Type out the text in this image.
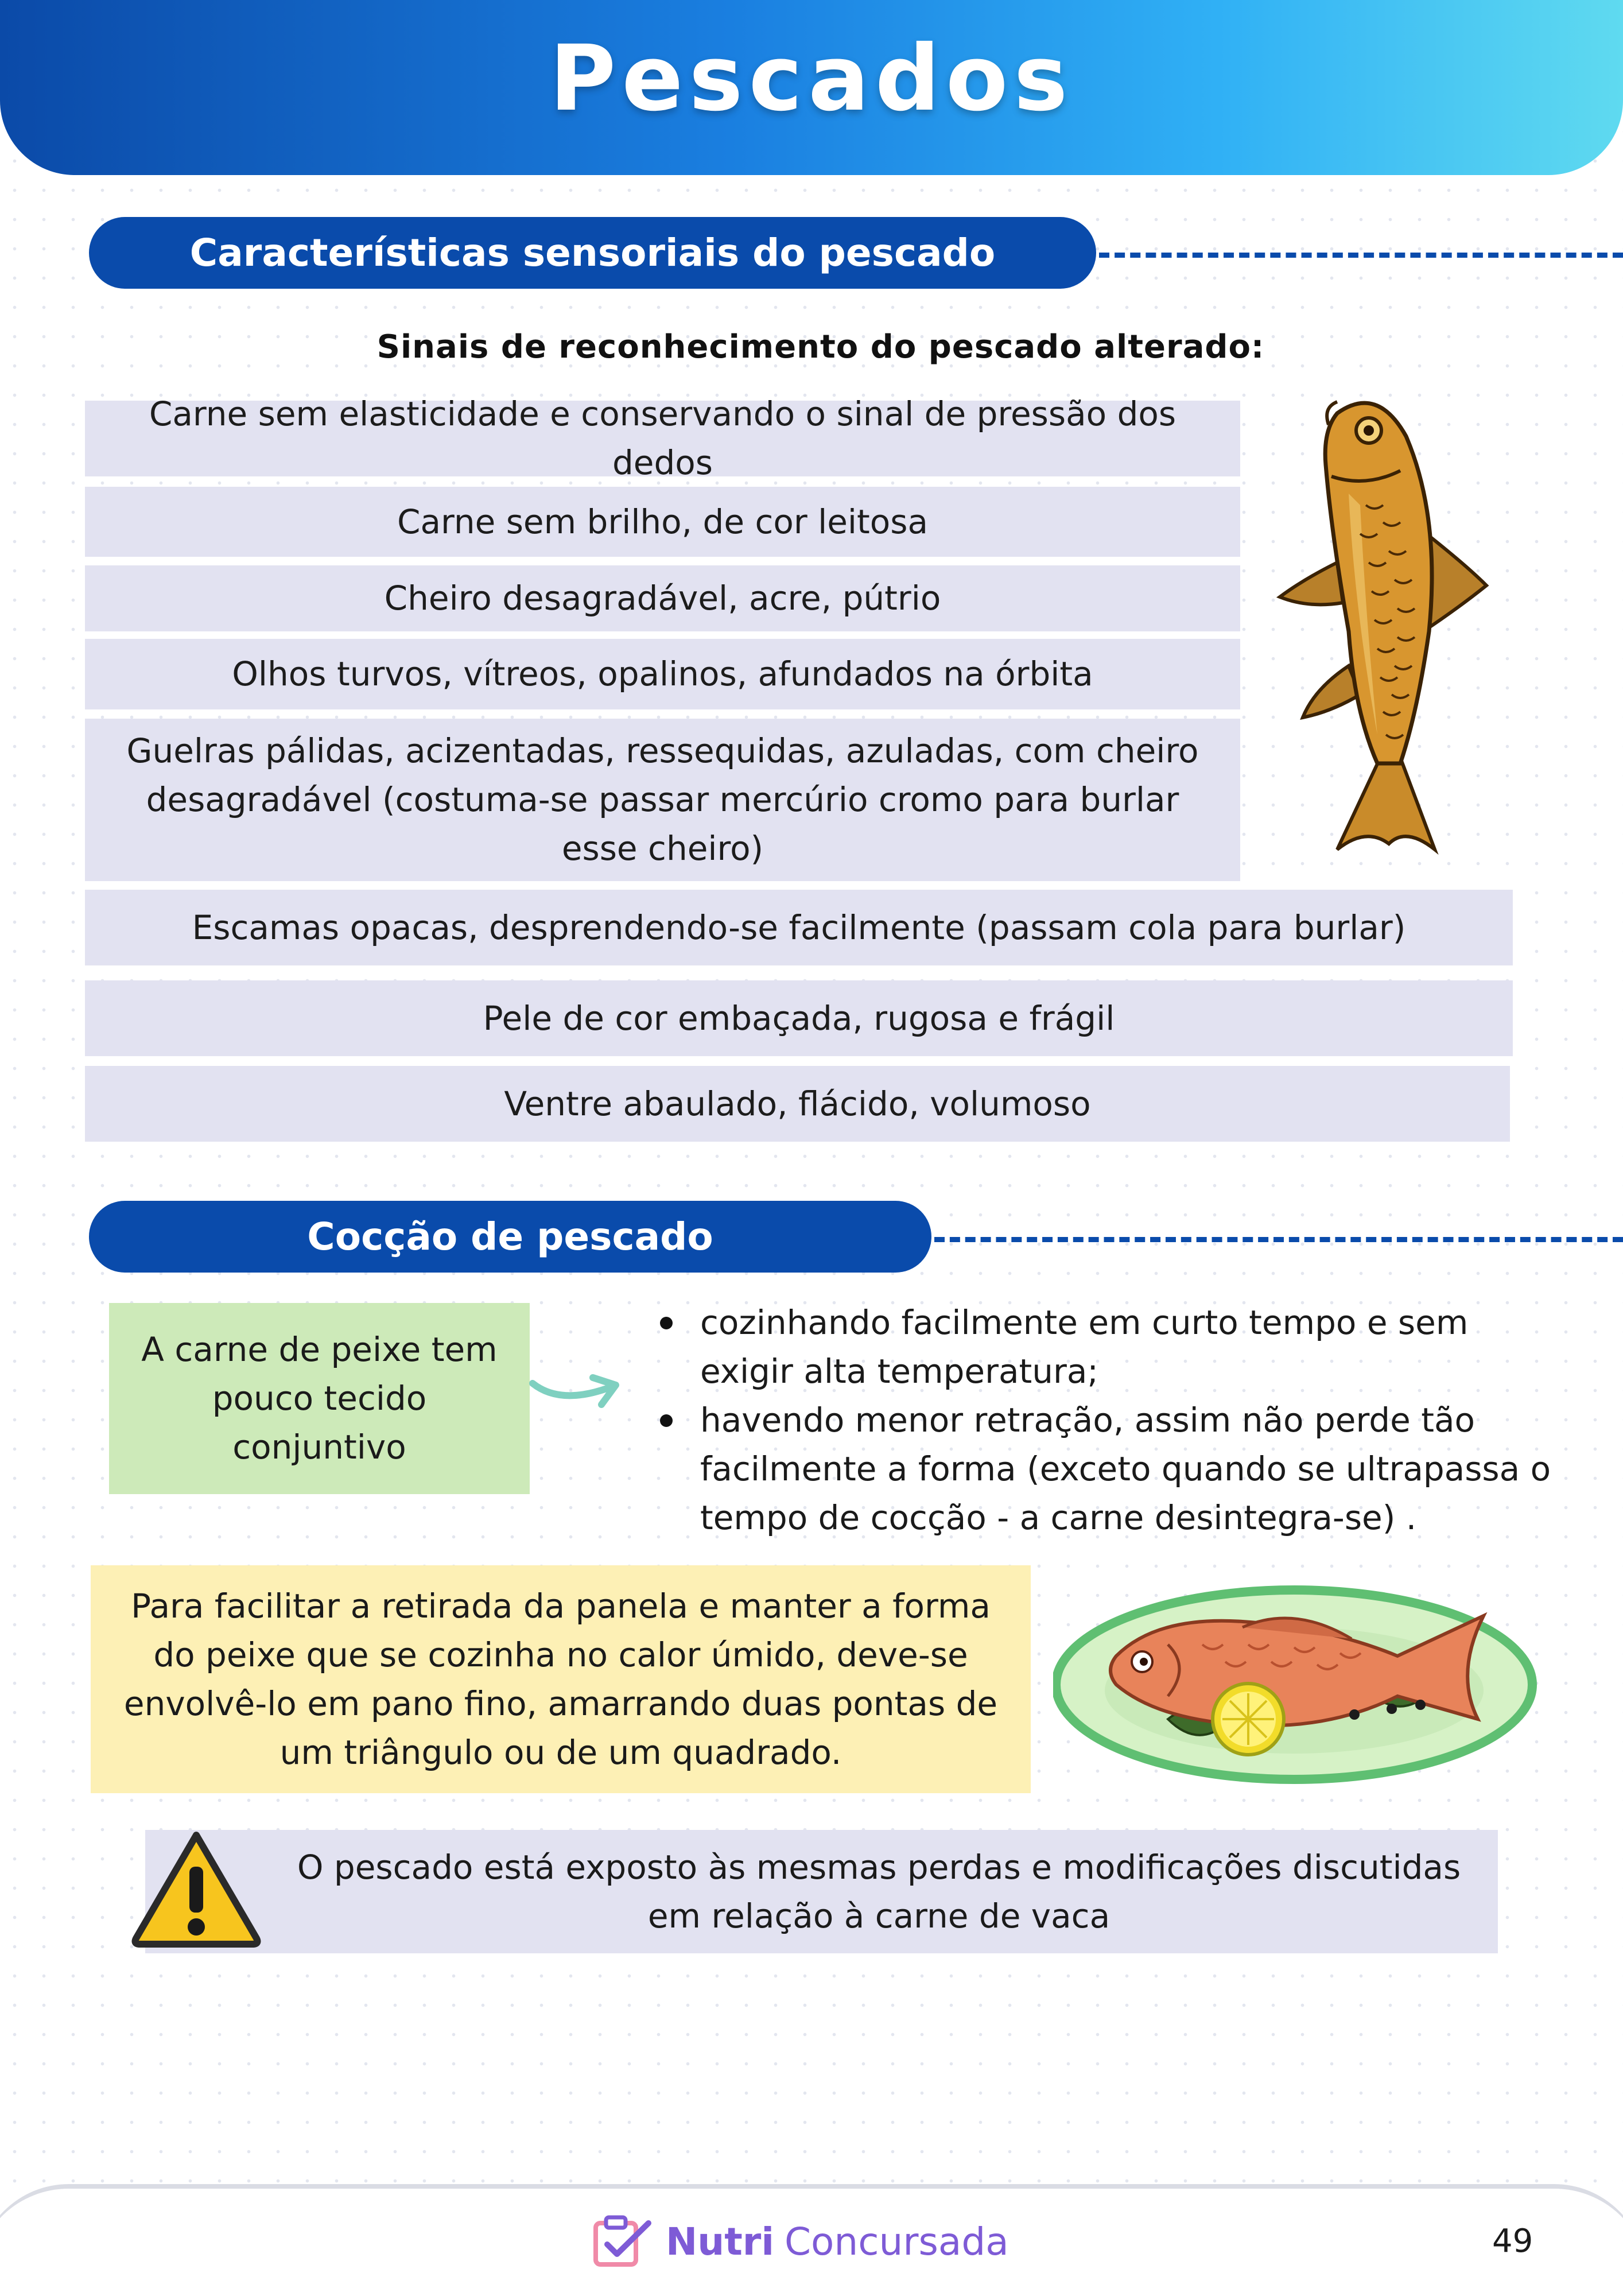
Pescados
Características sensoriais do pescado
Sinais de reconhecimento do pescado alterado:
Carne sem elasticidade e conservando o sinal de pressão dos dedos
Carne sem brilho, de cor leitosa
Cheiro desagradável, acre, pútrio
Olhos turvos, vítreos, opalinos, afundados na órbita
Guelras pálidas, acizentadas, ressequidas, azuladas, com cheiro desagradável (costuma-se passar mercúrio cromo para burlar esse cheiro)
Escamas opacas, desprendendo-se facilmente (passam cola para burlar)
Pele de cor embaçada, rugosa e frágil
Ventre abaulado, flácido, volumoso
Cocção de pescado
A carne de peixe tem pouco tecido conjuntivo
cozinhando facilmente em curto tempo e sem exigir alta temperatura;
havendo menor retração, assim não perde tão facilmente a forma (exceto quando se ultrapassa o tempo de cocção - a carne desintegra-se) .
Para facilitar a retirada da panela e manter a forma do peixe que se cozinha no calor úmido, deve-se envolvê-lo em pano fino, amarrando duas pontas de um triângulo ou de um quadrado.
O pescado está exposto às mesmas perdas e modificações discutidas em relação à carne de vaca
Nutri Concursada	49
